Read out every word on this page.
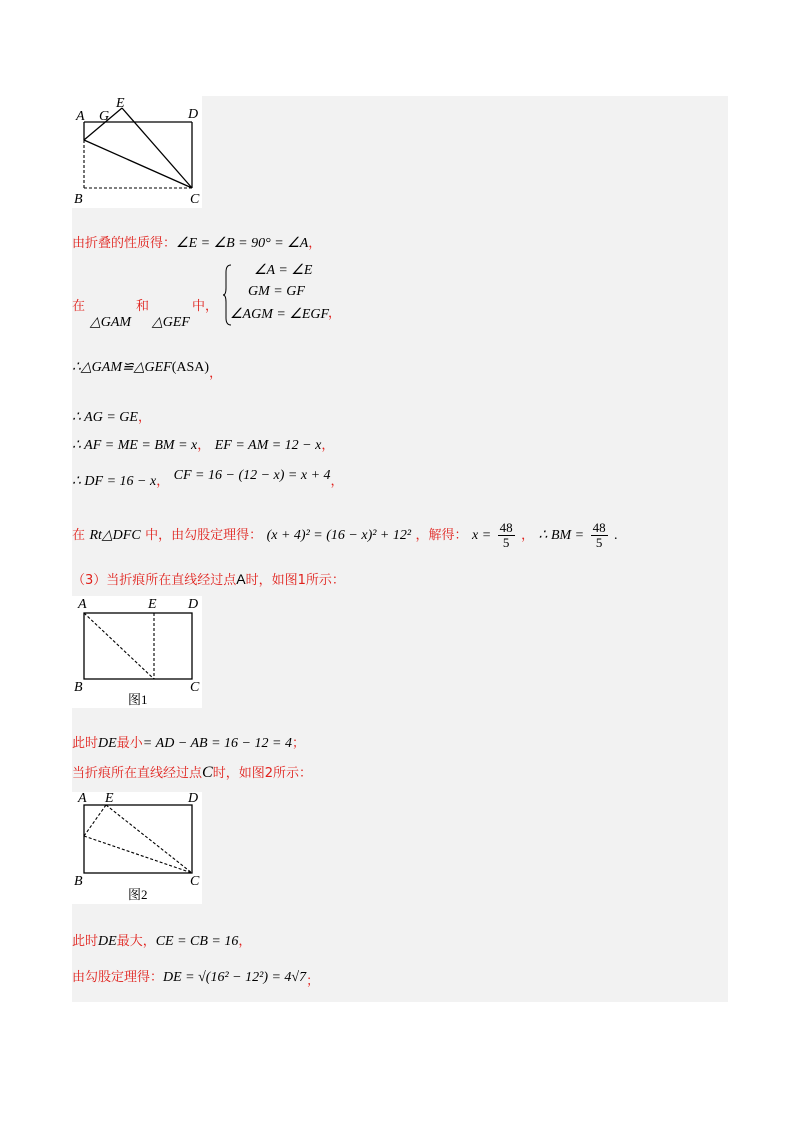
A G
E
D
B	C
由折叠的性质得：∠E = ∠B = 90° = ∠A，
在
△GAM
和
△GEF
中，
∠A = ∠E
GM = GF
∠AGM = ∠EGF
，
∴△GAM≌△GEF(ASA)，
∴ AG = GE，
∴ AF = ME = BM = x， EF = AM = 12 − x，
∴ DF = 16 − x， CF = 16 − (12 − x) = x + 4，
在 Rt△DFC 中，由勾股定理得： (x + 4)² = (16 − x)² + 12² ，解得： $x = \frac{48}{5}$ ， ∴ BM = $\frac{48}{5}$ .
（3）当折痕所在直线经过点A时，如图1所示：
A	E D
B	C
图1
此时DE最小= AD − AB = 16 − 12 = 4；
当折痕所在直线经过点C时，如图2所示：
A E	D
B	C
图2
此时DE最大，CE = CB = 16，
由勾股定理得：DE = √(16² − 12²) = 4√7；
